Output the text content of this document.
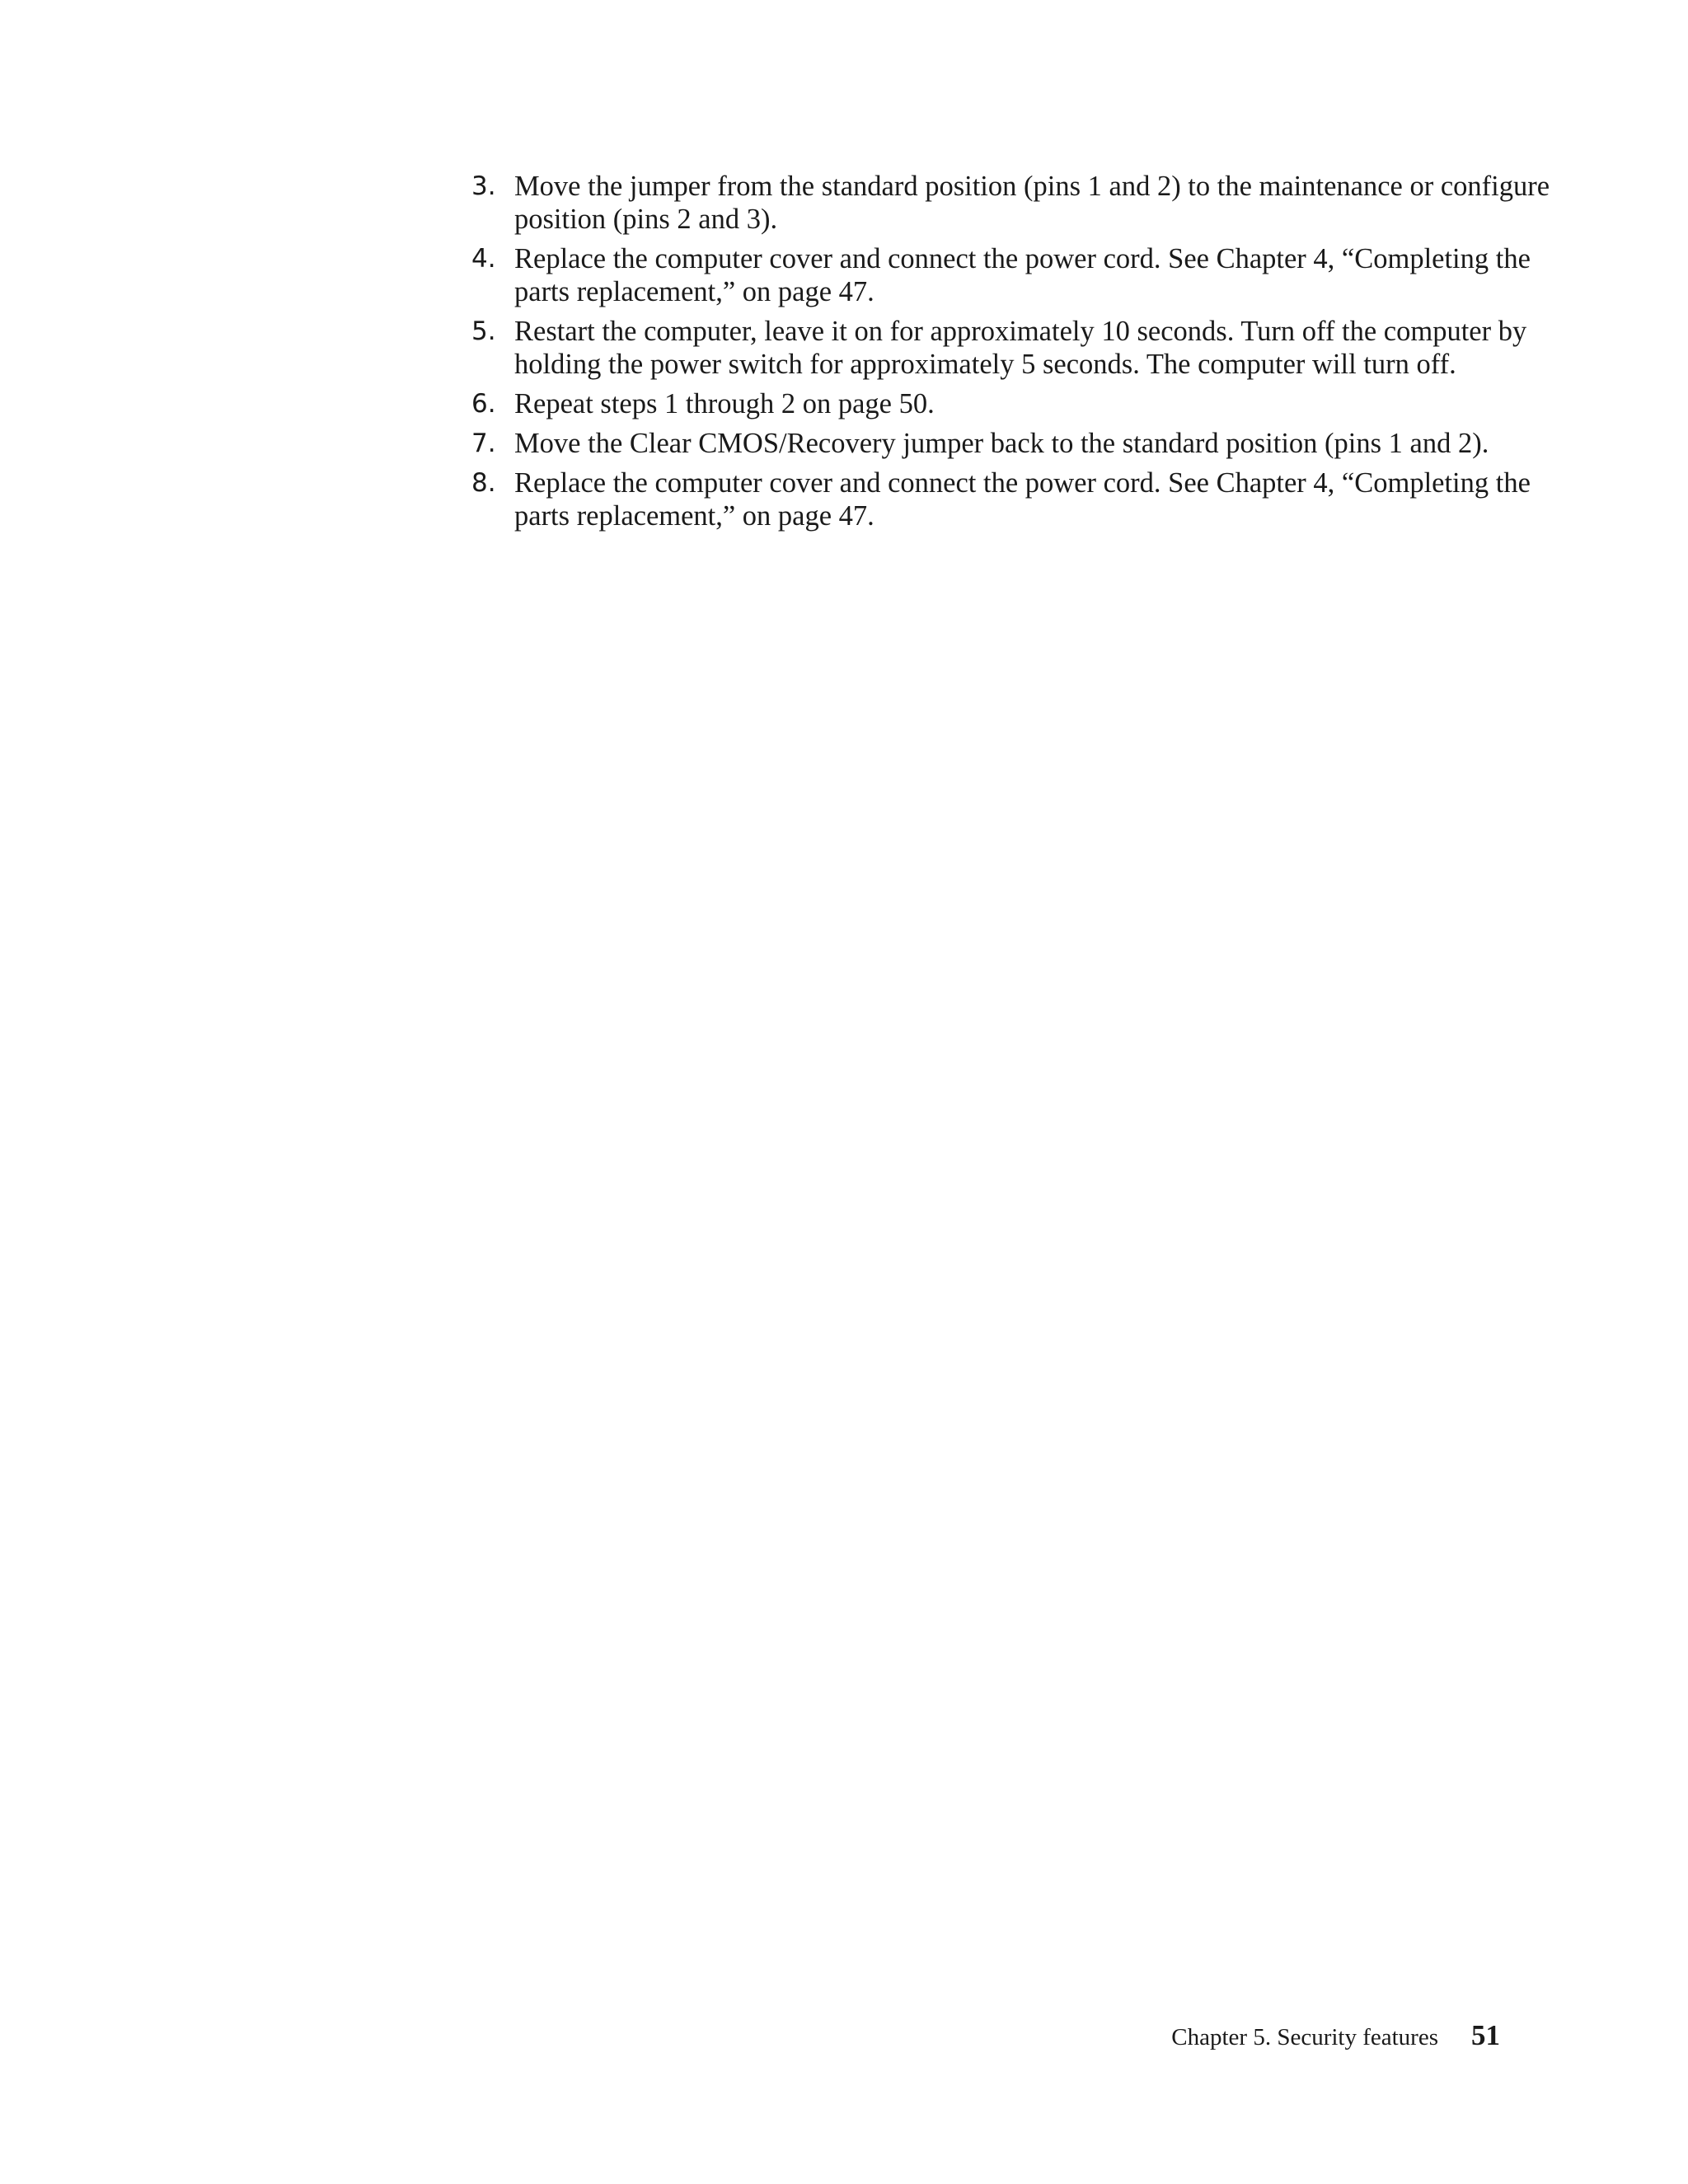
3. Move the jumper from the standard position (pins 1 and 2) to the maintenance or configure position (pins 2 and 3).
4. Replace the computer cover and connect the power cord. See Chapter 4, “Completing the parts replacement,” on page 47.
5. Restart the computer, leave it on for approximately 10 seconds. Turn off the computer by holding the power switch for approximately 5 seconds. The computer will turn off.
6. Repeat steps 1 through 2 on page 50.
7. Move the Clear CMOS/Recovery jumper back to the standard position (pins 1 and 2).
8. Replace the computer cover and connect the power cord. See Chapter 4, “Completing the parts replacement,” on page 47.
Chapter 5. Security features 51
